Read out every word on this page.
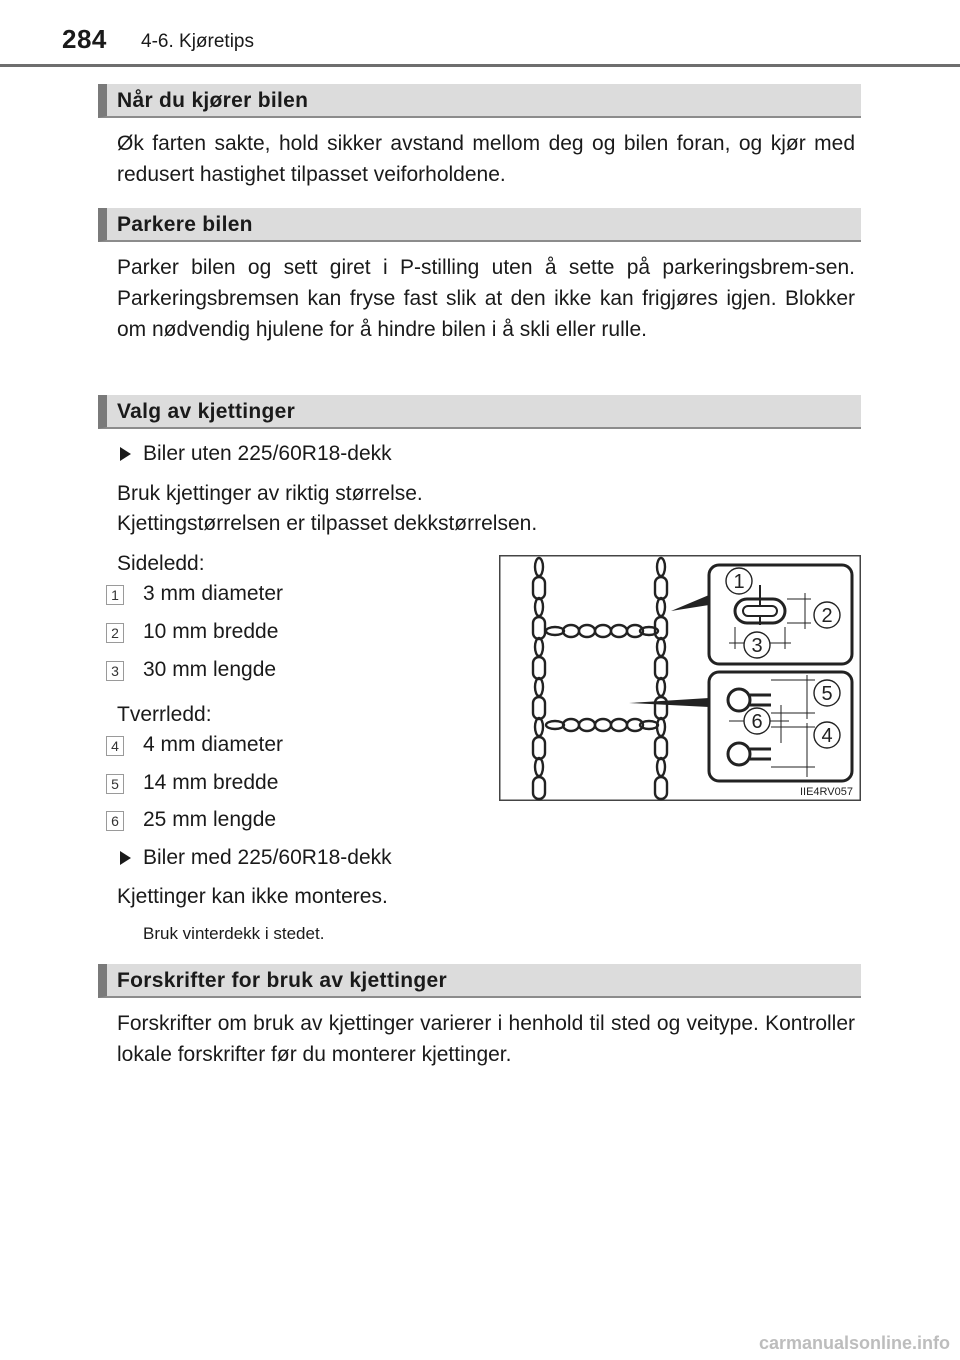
284 4-6. Kjøretips
Når du kjører bilen
Øk farten sakte, hold sikker avstand mellom deg og bilen foran, og kjør med redusert hastighet tilpasset veiforholdene.
Parkere bilen
Parker bilen og sett giret i P-stilling uten å sette på parkeringsbrem-sen. Parkeringsbremsen kan fryse fast slik at den ikke kan frigjøres igjen. Blokker om nødvendig hjulene for å hindre bilen i å skli eller rulle.
Valg av kjettinger
Biler uten 225/60R18-dekk
Bruk kjettinger av riktig størrelse.
Kjettingstørrelsen er tilpasset dekkstørrelsen.
Sideledd:
1 3 mm diameter
2 10 mm bredde
3 30 mm lengde
Tverrledd:
4 4 mm diameter
5 14 mm bredde
6 25 mm lengde
Biler med 225/60R18-dekk
Kjettinger kan ikke monteres.
Bruk vinterdekk i stedet.
1
2
3
4
5
6
IIE4RV057
Forskrifter for bruk av kjettinger
Forskrifter om bruk av kjettinger varierer i henhold til sted og veitype. Kontroller lokale forskrifter før du monterer kjettinger.
carmanualsonline.info
